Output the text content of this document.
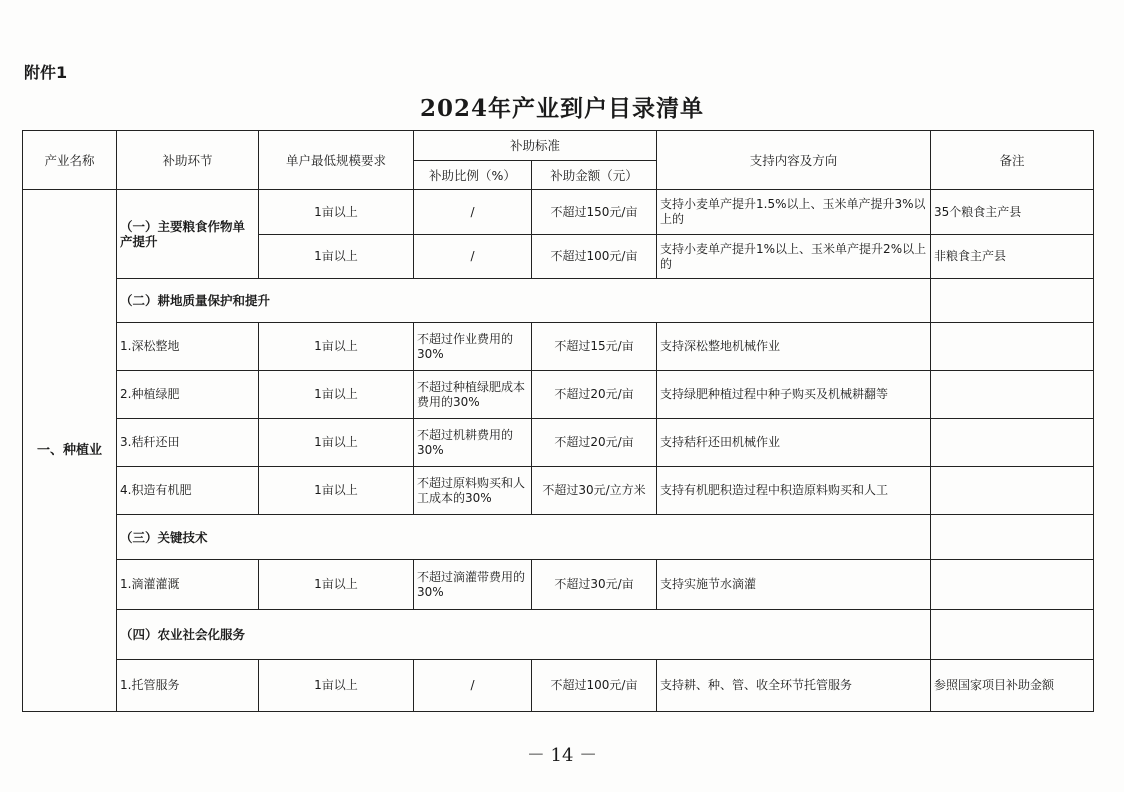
附件1
2024年产业到户目录清单
产业名称	补助环节	单户最低规模要求	补助标准		支持内容及方向	备注
			补助比例（%）	补助金额（元）		
一、种植业	（一）主要粮食作物单产提升	1亩以上	/	不超过150元/亩	支持小麦单产提升1.5%以上、玉米单产提升3%以上的	35个粮食主产县
		1亩以上	/	不超过100元/亩	支持小麦单产提升1%以上、玉米单产提升2%以上的	非粮食主产县
	（二）耕地质量保护和提升					
	1.深松整地	1亩以上	不超过作业费用的30%	不超过15元/亩	支持深松整地机械作业	
	2.种植绿肥	1亩以上	不超过种植绿肥成本费用的30%	不超过20元/亩	支持绿肥种植过程中种子购买及机械耕翻等	
	3.秸秆还田	1亩以上	不超过机耕费用的30%	不超过20元/亩	支持秸秆还田机械作业	
	4.积造有机肥	1亩以上	不超过原料购买和人工成本的30%	不超过30元/立方米	支持有机肥积造过程中积造原料购买和人工	
	（三）关键技术					
	1.滴灌灌溉	1亩以上	不超过滴灌带费用的30%	不超过30元/亩	支持实施节水滴灌	
	（四）农业社会化服务					
	1.托管服务	1亩以上	/	不超过100元/亩	支持耕、种、管、收全环节托管服务	参照国家项目补助金额
－ 14 －
